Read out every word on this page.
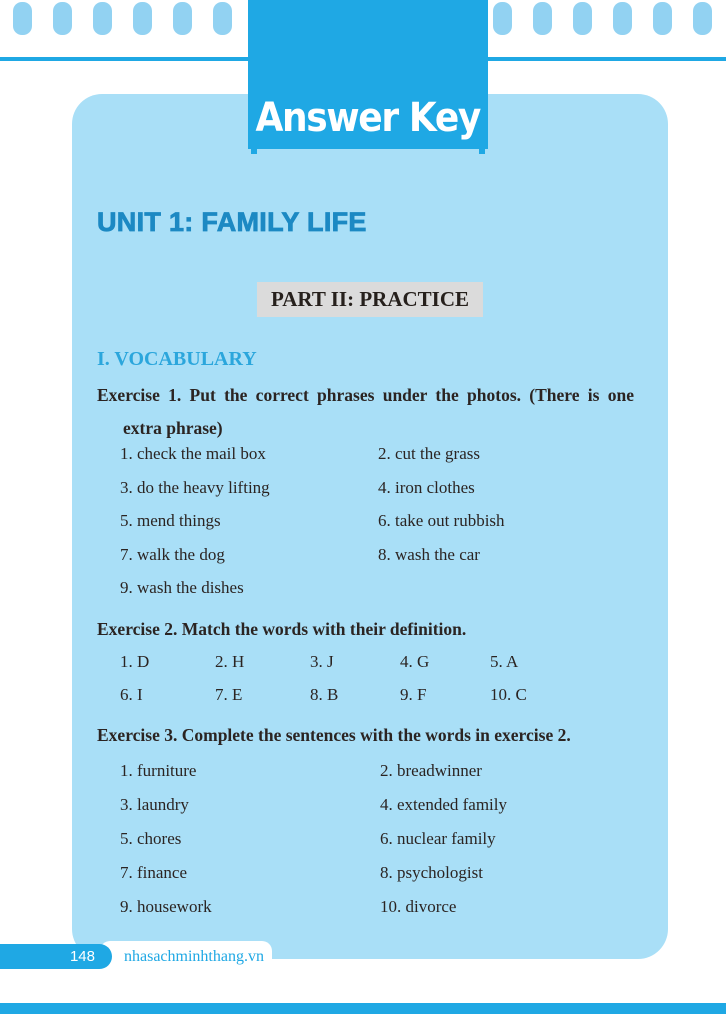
Answer Key
UNIT 1: FAMILY LIFE
PART II: PRACTICE
I. VOCABULARY

Exercise 1. Put the correct phrases under the photos. (There is one extra phrase)

1. check the mail box	2. cut the grass
3. do the heavy lifting	4. iron clothes
5. mend things	6. take out rubbish
7. walk the dog	8. wash the car
9. wash the dishes

Exercise 2. Match the words with their definition.

1. D	2. H	3. J	4. G	5. A
6. I	7. E	8. B	9. F	10. C

Exercise 3. Complete the sentences with the words in exercise 2.

1. furniture	2. breadwinner
3. laundry	4. extended family
5. chores	6. nuclear family
7. finance	8. psychologist
9. housework	10. divorce
nhasachminhthang.vn
148
